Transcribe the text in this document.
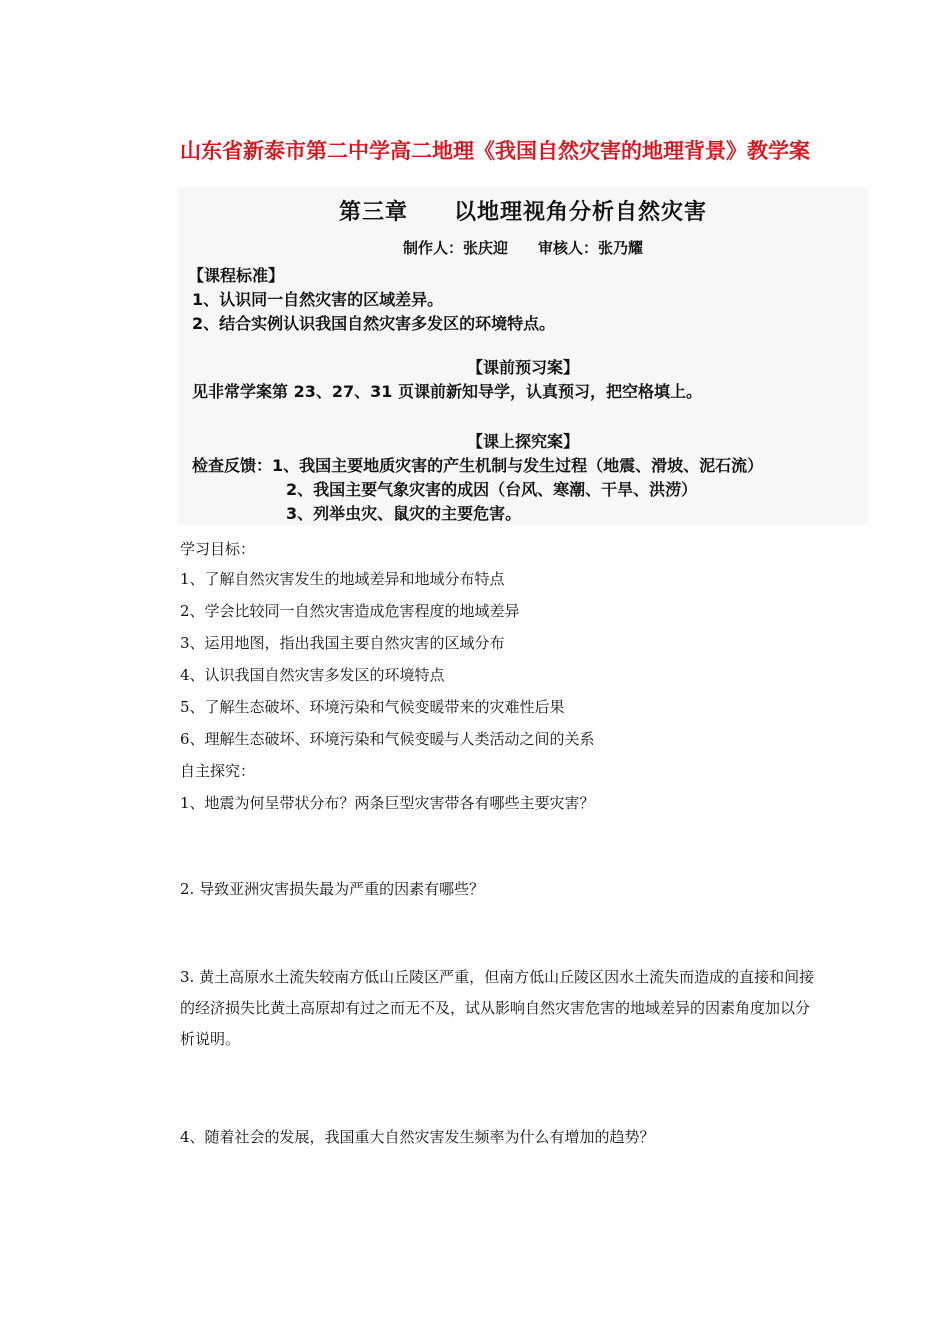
山东省新泰市第二中学高二地理《我国自然灾害的地理背景》教学案
第三章　　以地理视角分析自然灾害
制作人：张庆迎　　审核人：张乃耀
【课程标准】
1、认识同一自然灾害的区域差异。
2、结合实例认识我国自然灾害多发区的环境特点。
【课前预习案】
见非常学案第 23、27、31 页课前新知导学，认真预习，把空格填上。
【课上探究案】
检查反馈：1、我国主要地质灾害的产生机制与发生过程（地震、滑坡、泥石流）
2、我国主要气象灾害的成因（台风、寒潮、干旱、洪涝）
3、列举虫灾、鼠灾的主要危害。
学习目标：
1、了解自然灾害发生的地域差异和地域分布特点
2、学会比较同一自然灾害造成危害程度的地域差异
3、运用地图，指出我国主要自然灾害的区域分布
4、认识我国自然灾害多发区的环境特点
5、了解生态破坏、环境污染和气候变暖带来的灾难性后果
6、理解生态破坏、环境污染和气候变暖与人类活动之间的关系
自主探究：
1、地震为何呈带状分布？两条巨型灾害带各有哪些主要灾害？
2. 导致亚洲灾害损失最为严重的因素有哪些？
3. 黄土高原水土流失较南方低山丘陵区严重，但南方低山丘陵区因水土流失而造成的直接和间接的经济损失比黄土高原却有过之而无不及，试从影响自然灾害危害的地域差异的因素角度加以分析说明。
4、随着社会的发展，我国重大自然灾害发生频率为什么有增加的趋势？
